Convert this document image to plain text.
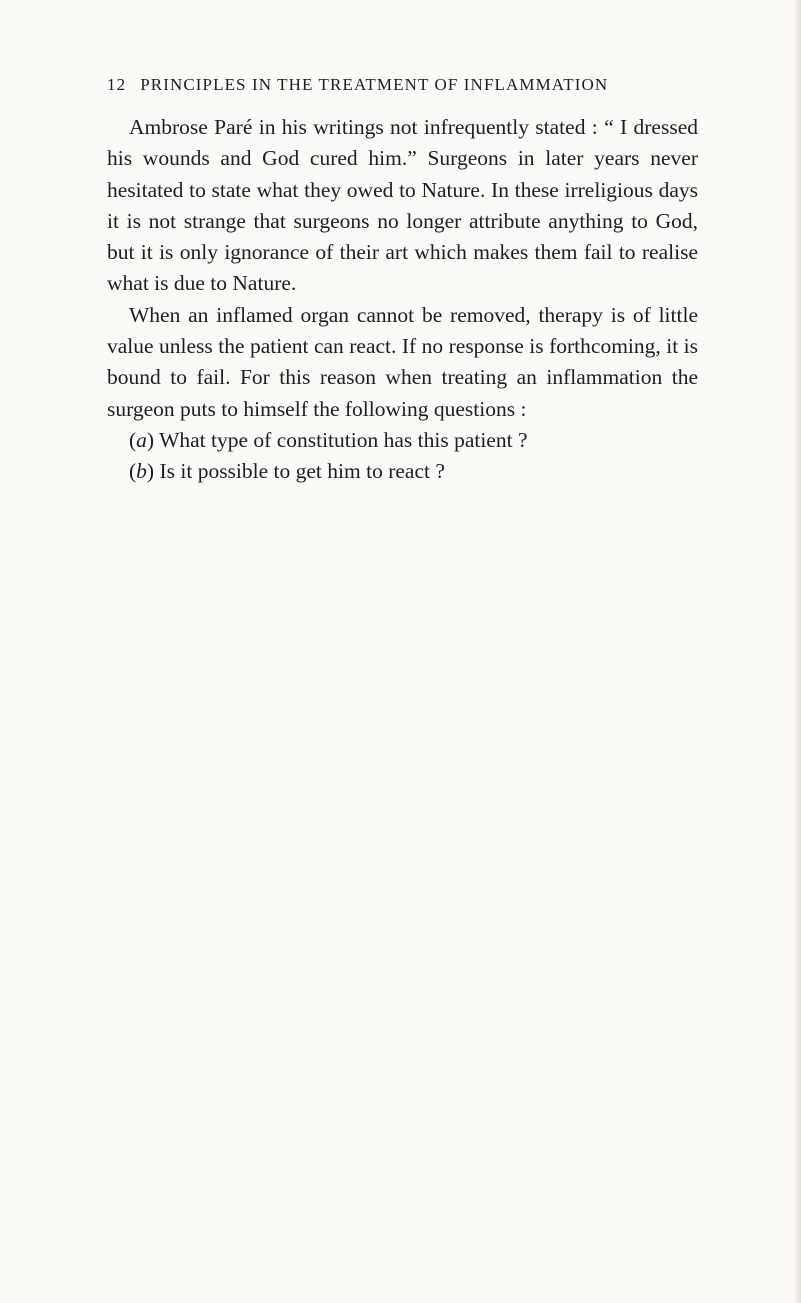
12 PRINCIPLES IN THE TREATMENT OF INFLAMMATION

Ambrose Paré in his writings not infrequently stated : “ I dressed his wounds and God cured him.” Surgeons in later years never hesitated to state what they owed to Nature. In these irreligious days it is not strange that surgeons no longer attribute anything to God, but it is only ignorance of their art which makes them fail to realise what is due to Nature.

When an inflamed organ cannot be removed, therapy is of little value unless the patient can react. If no response is forthcoming, it is bound to fail. For this reason when treating an inflammation the surgeon puts to himself the following questions :

(a) What type of constitution has this patient ?

(b) Is it possible to get him to react ?
